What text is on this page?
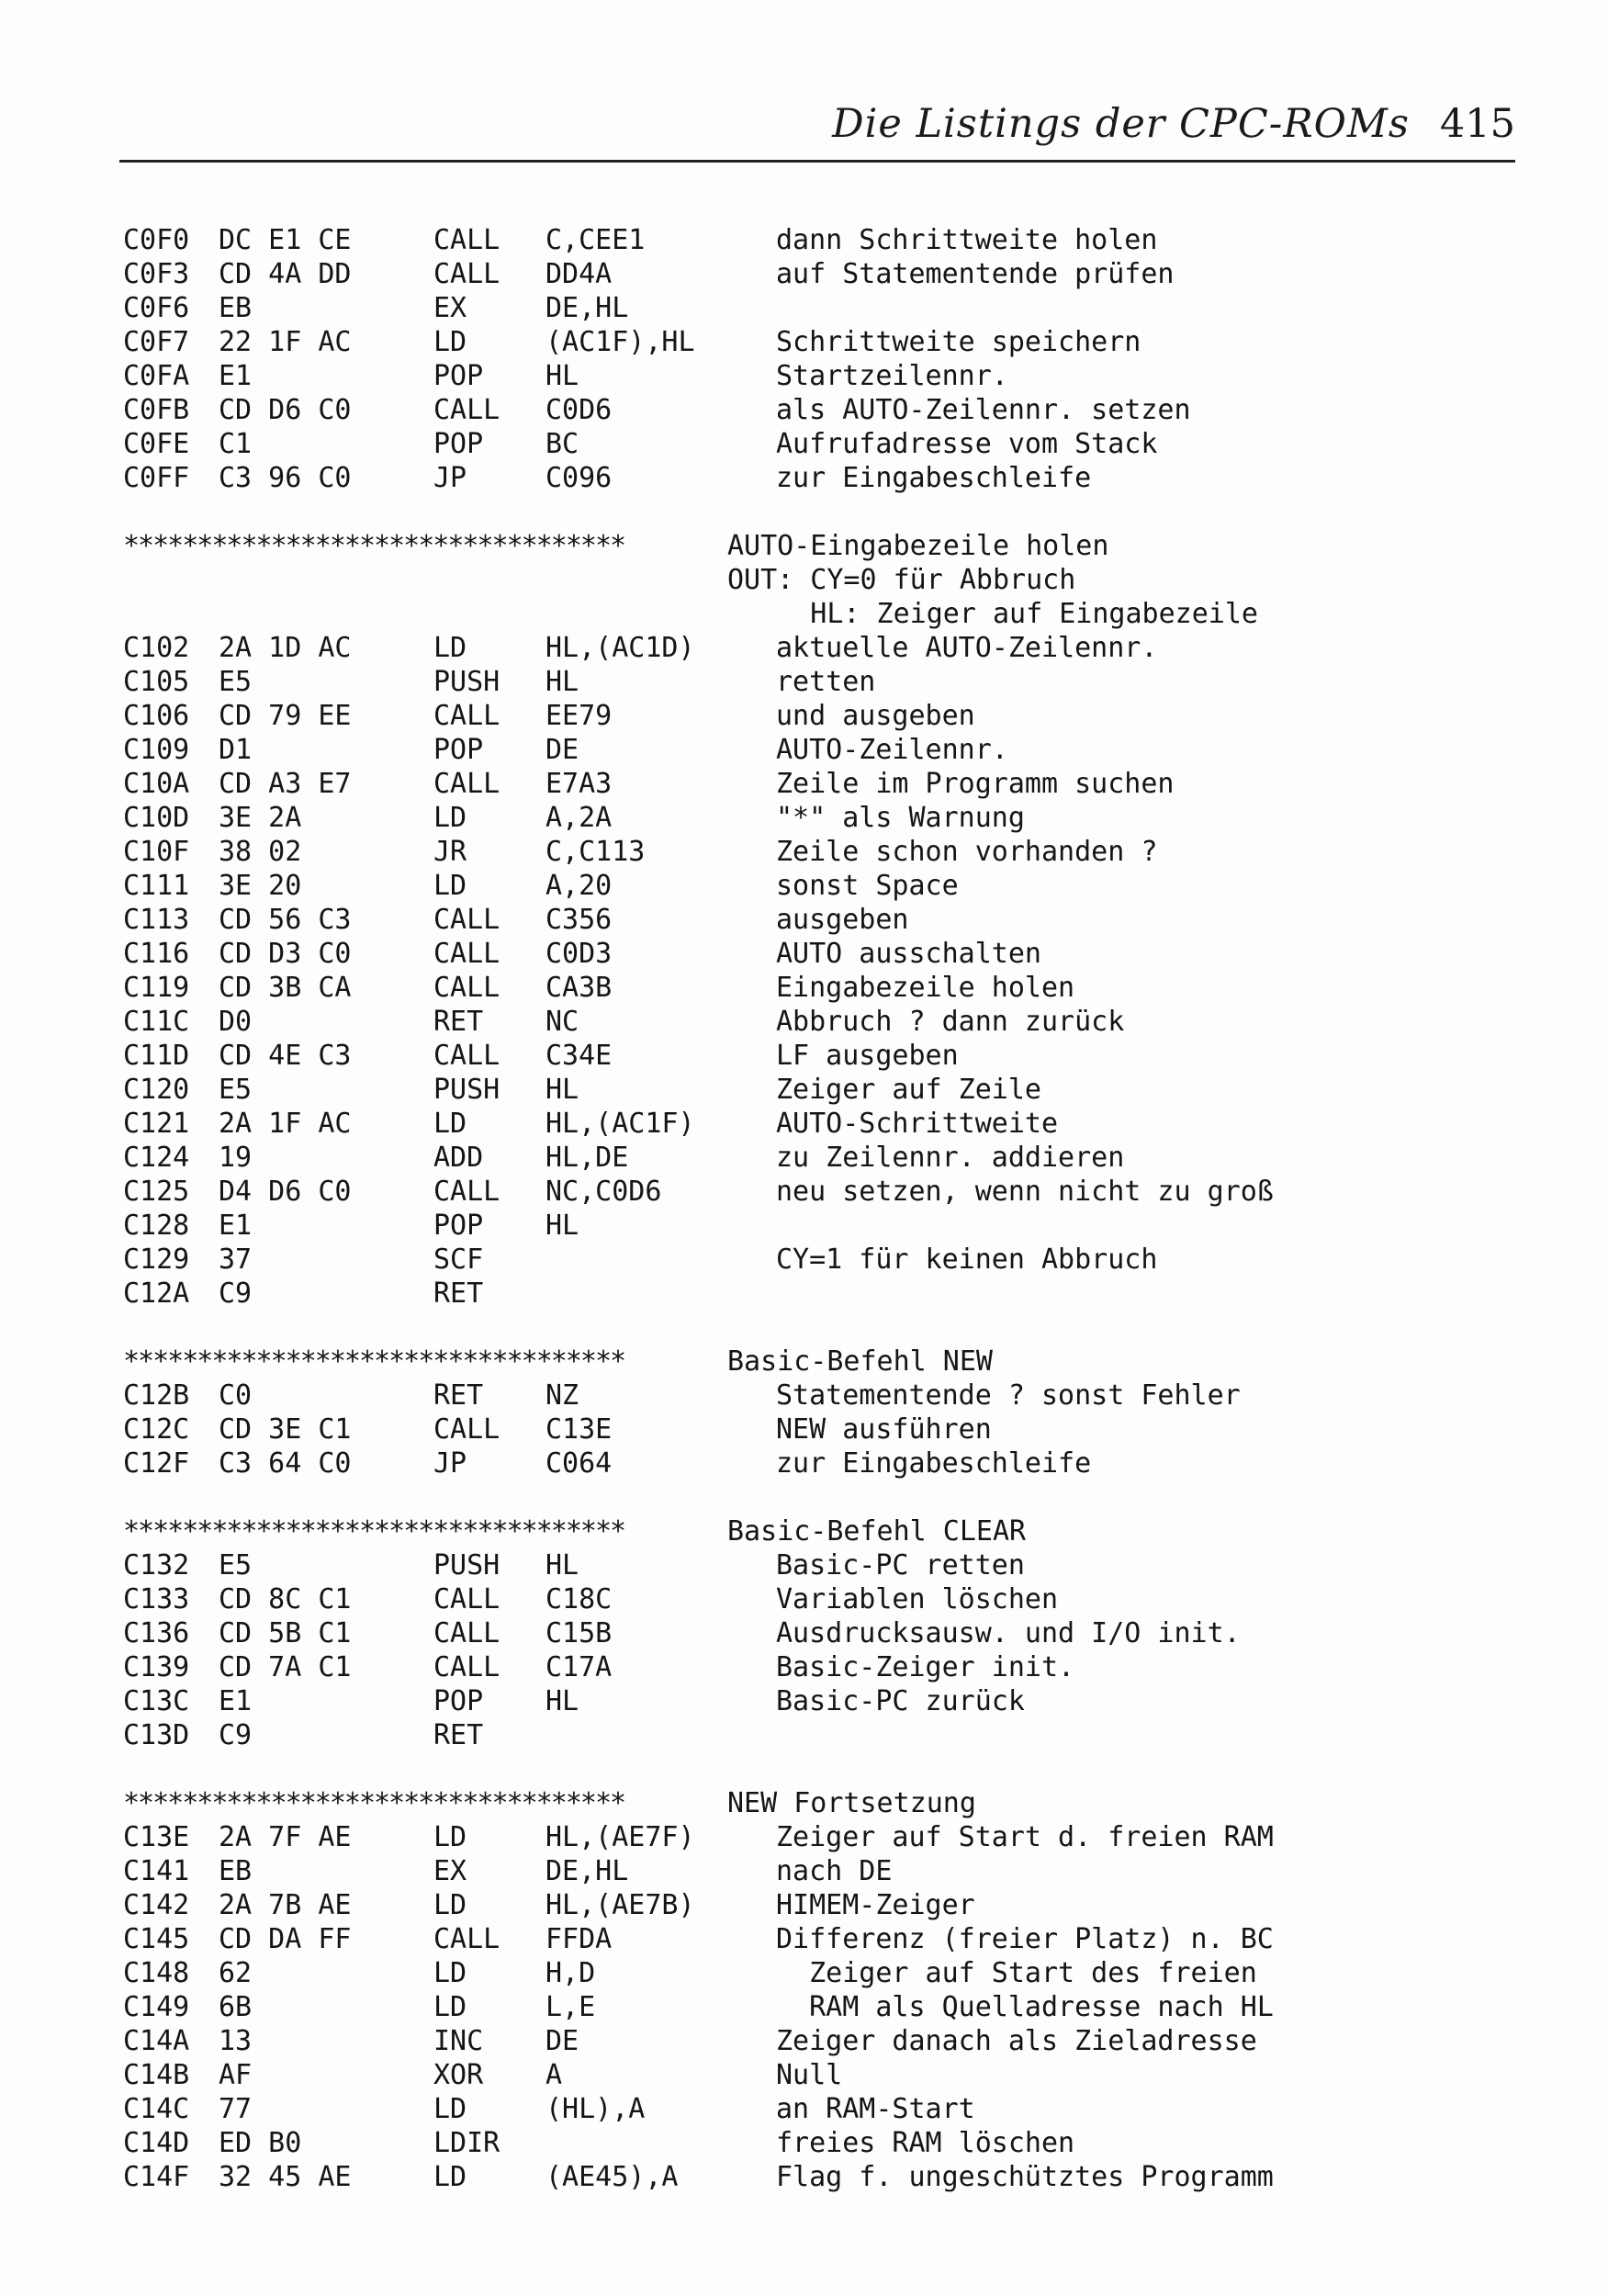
Die Listings der CPC-ROMs 415
C0F0 DC E1 CE	CALL C,CEE1	dann Schrittweite holen
C0F3 CD 4A DD	CALL DD4A	auf Statementende prüfen
C0F6 EB	EX	DE,HL
C0F7 22 1F AC	LD	(AC1F),HL	Schrittweite speichern
C0FA E1	POP HL	Startzeilennr.
C0FB CD D6 C0	CALL C0D6	als AUTO-Zeilennr. setzen
C0FE C1	POP BC	Aufrufadresse vom Stack
C0FF C3 96 C0	JP	C096	zur Eingabeschleife
**********************************	AUTO-Eingabezeile holen
OUT: CY=0 für Abbruch
HL: Zeiger auf Eingabezeile
C102 2A 1D AC	LD	HL,(AC1D)	aktuelle AUTO-Zeilennr.
C105 E5	PUSH HL	retten
C106 CD 79 EE	CALL EE79	und ausgeben
C109 D1	POP DE	AUTO-Zeilennr.
C10A CD A3 E7	CALL E7A3	Zeile im Programm suchen
C10D 3E 2A	LD	A,2A	"*" als Warnung
C10F 38 02	JR	C,C113	Zeile schon vorhanden ?
C111 3E 20	LD	A,20	sonst Space
C113 CD 56 C3	CALL C356	ausgeben
C116 CD D3 C0	CALL C0D3	AUTO ausschalten
C119 CD 3B CA	CALL CA3B	Eingabezeile holen
C11C D0	RET NC	Abbruch ? dann zurück
C11D CD 4E C3	CALL C34E	LF ausgeben
C120 E5	PUSH HL	Zeiger auf Zeile
C121 2A 1F AC	LD	HL,(AC1F)	AUTO-Schrittweite
C124 19	ADD HL,DE	zu Zeilennr. addieren
C125 D4 D6 C0	CALL NC,C0D6	neu setzen, wenn nicht zu groß
C128 E1	POP HL
C129 37	SCF	CY=1 für keinen Abbruch
C12A C9	RET
**********************************	Basic-Befehl NEW
C12B C0	RET NZ	Statementende ? sonst Fehler
C12C CD 3E C1	CALL C13E	NEW ausführen
C12F C3 64 C0	JP	C064	zur Eingabeschleife
**********************************	Basic-Befehl CLEAR
C132 E5	PUSH HL	Basic-PC retten
C133 CD 8C C1	CALL C18C	Variablen löschen
C136 CD 5B C1	CALL C15B	Ausdrucksausw. und I/O init.
C139 CD 7A C1	CALL C17A	Basic-Zeiger init.
C13C E1	POP HL	Basic-PC zurück
C13D C9	RET
**********************************	NEW Fortsetzung
C13E 2A 7F AE	LD	HL,(AE7F)	Zeiger auf Start d. freien RAM
C141 EB	EX	DE,HL	nach DE
C142 2A 7B AE	LD	HL,(AE7B)	HIMEM-Zeiger
C145 CD DA FF	CALL FFDA	Differenz (freier Platz) n. BC
C148 62	LD	H,D	Zeiger auf Start des freien
C149 6B	LD	L,E	RAM als Quelladresse nach HL
C14A 13	INC DE	Zeiger danach als Zieladresse
C14B AF	XOR A	Null
C14C 77	LD	(HL),A	an RAM-Start
C14D ED B0	LDIR	freies RAM löschen
C14F 32 45 AE	LD	(AE45),A	Flag f. ungeschütztes Programm
